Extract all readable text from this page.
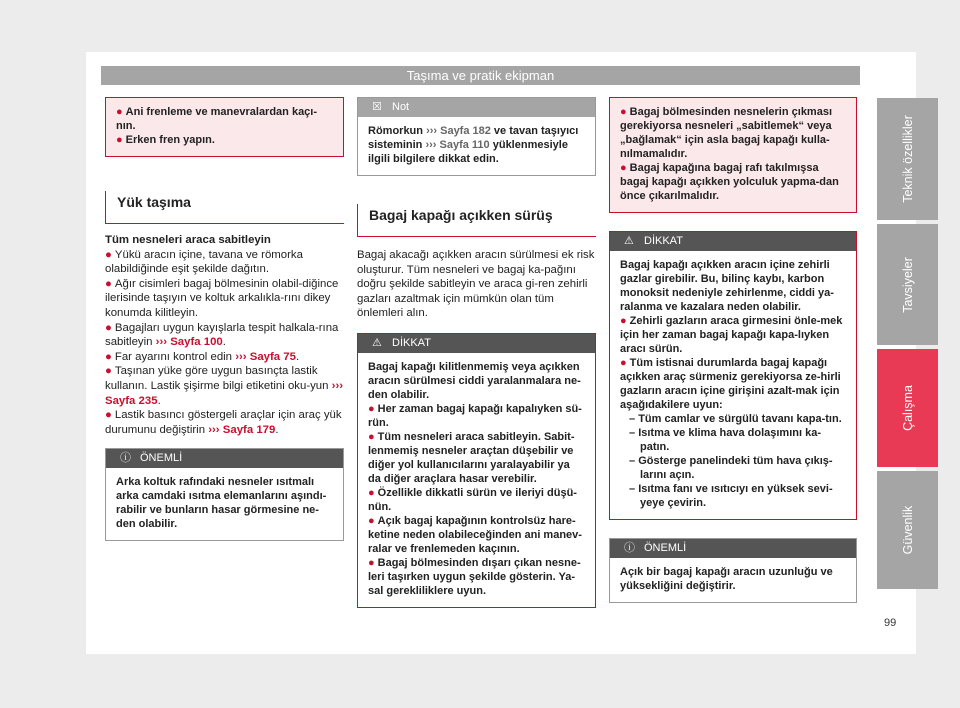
Taşıma ve pratik ekipman
● Ani frenleme ve manevralardan kaçı-nın.
● Erken fren yapın.
Yük taşıma

Tüm nesneleri araca sabitleyin

● Yükü aracın içine, tavana ve römorka olabildiğinde eşit şekilde dağıtın.

● Ağır cisimleri bagaj bölmesinin olabil-diğince ilerisinde taşıyın ve koltuk arkalıkla-rını dikey konumda kilitleyin.

● Bagajları uygun kayışlarla tespit halkala-rına sabitleyin ››› Sayfa 100.

● Far ayarını kontrol edin ››› Sayfa 75.

● Taşınan yüke göre uygun basınçta lastik kullanın. Lastik şişirme bilgi etiketini oku-yun ››› Sayfa 235.

● Lastik basıncı göstergeli araçlar için araç yük durumunu değiştirin ››› Sayfa 179.

ⓘ ÖNEMLİ
Arka koltuk rafındaki nesneler ısıtmalı arka camdaki ısıtma elemanlarını aşındı-rabilir ve bunların hasar görmesine ne-den olabilir.
☒ Not
Römorkun ››› Sayfa 182 ve tavan taşıyıcı sisteminin ››› Sayfa 110 yüklenmesiyle ilgili bilgilere dikkat edin.
Bagaj kapağı açıkken sürüş

Bagaj akacağı açıkken aracın sürülmesi ek risk oluşturur. Tüm nesneleri ve bagaj ka-pağını doğru şekilde sabitleyin ve araca gi-ren zehirli gazları azaltmak için mümkün olan tüm önlemleri alın.

⚠ DİKKAT
Bagaj kapağı kilitlenmemiş veya açıkken aracın sürülmesi ciddi yaralanmalara ne-den olabilir.
● Her zaman bagaj kapağı kapalıyken sü-rün.
● Tüm nesneleri araca sabitleyin. Sabit-lenmemiş nesneler araçtan düşebilir ve diğer yol kullanıcılarını yaralayabilir ya da diğer araçlara hasar verebilir.
● Özellikle dikkatli sürün ve ileriyi düşü-nün.
● Açık bagaj kapağının kontrolsüz hare-ketine neden olabileceğinden ani manev-ralar ve frenlemeden kaçının.
● Bagaj bölmesinden dışarı çıkan nesne-leri taşırken uygun şekilde gösterin. Ya-sal gerekliliklere uyun.
● Bagaj bölmesinden nesnelerin çıkması gerekiyorsa nesneleri „sabitlemek“ veya „bağlamak“ için asla bagaj kapağı kulla-nılmamalıdır.
● Bagaj kapağına bagaj rafı takılmışsa bagaj kapağı açıkken yolculuk yapma-dan önce çıkarılmalıdır.
⚠ DİKKAT
Bagaj kapağı açıkken aracın içine zehirli gazlar girebilir. Bu, bilinç kaybı, karbon monoksit nedeniyle zehirlenme, ciddi ya-ralanma ve kazalara neden olabilir.
● Zehirli gazların araca girmesini önle-mek için her zaman bagaj kapağı kapa-lıyken aracı sürün.
● Tüm istisnai durumlarda bagaj kapağı açıkken araç sürmeniz gerekiyorsa ze-hirli gazların aracın içine girişini azalt-mak için aşağıdakilere uyun:
– Tüm camlar ve sürgülü tavanı kapa-tın.
– Isıtma ve klima hava dolaşımını ka-patın.
– Gösterge panelindeki tüm hava çıkış-larını açın.
– Isıtma fanı ve ısıtıcıyı en yüksek sevi-yeye çevirin.
ⓘ ÖNEMLİ
Açık bir bagaj kapağı aracın uzunluğu ve yüksekliğini değiştirir.
Teknik özellikler
Tavsiyeler
Çalışma
Güvenlik
99
